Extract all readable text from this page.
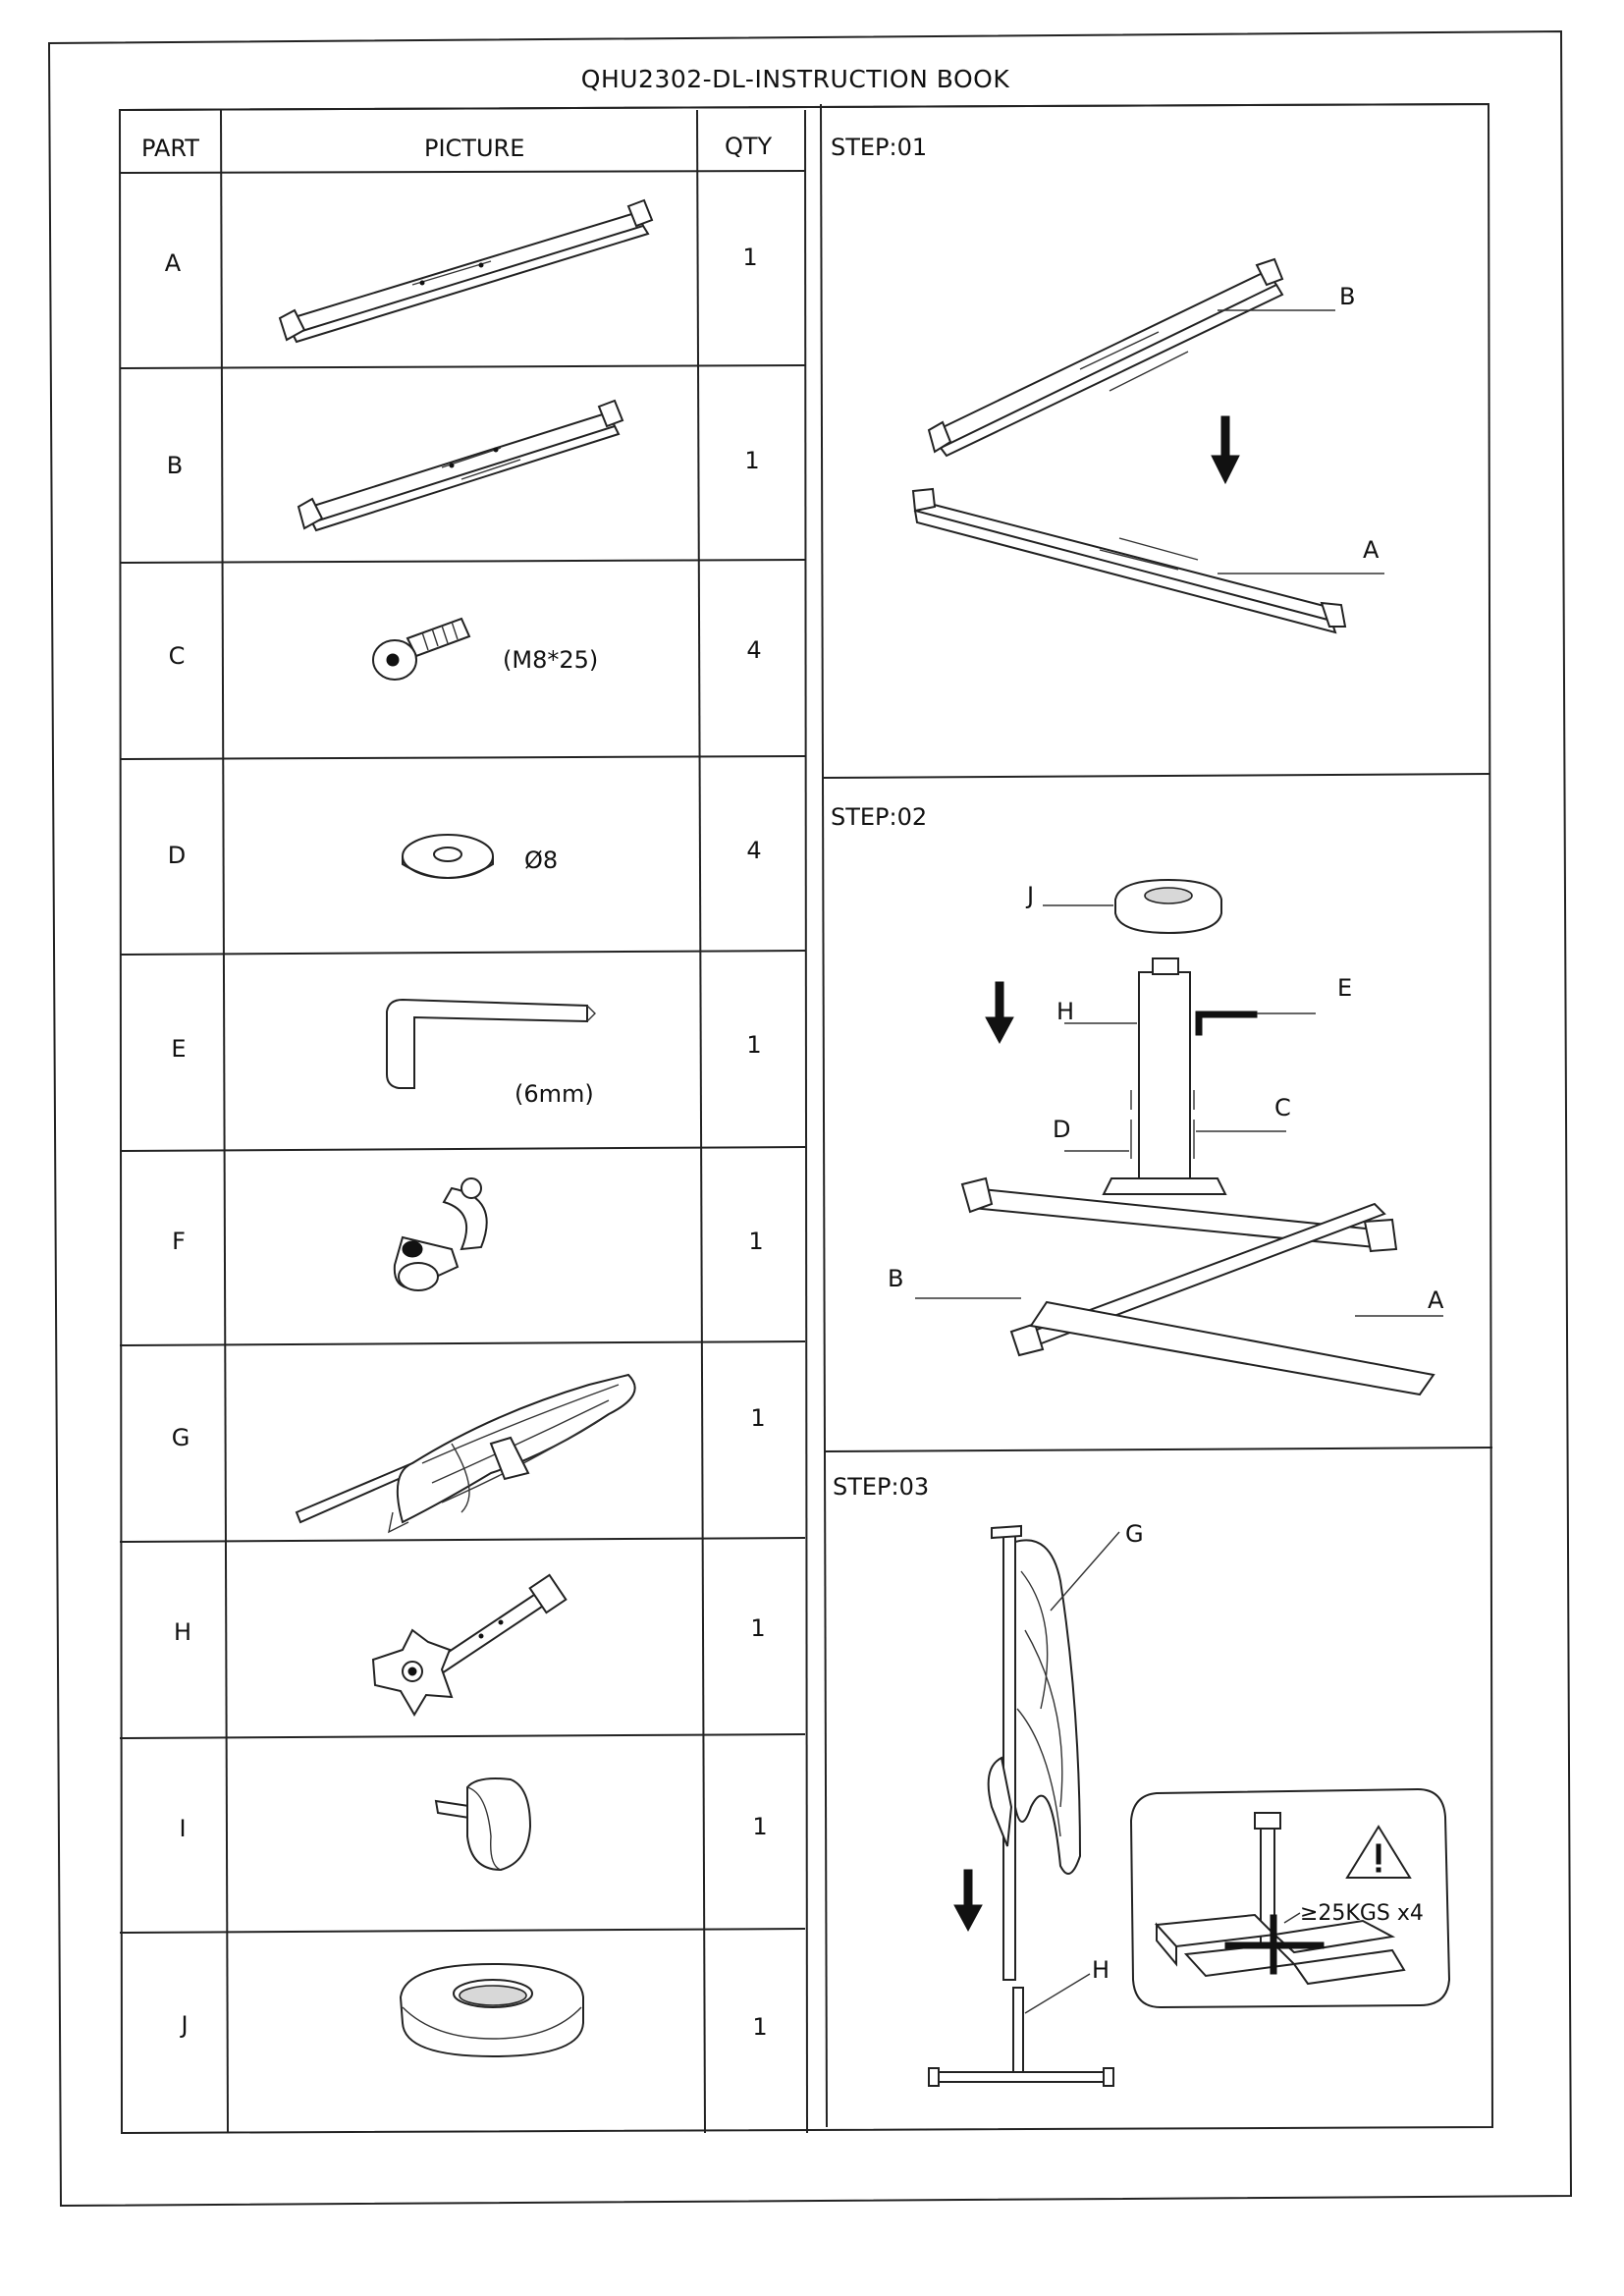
QHU2302-DL-INSTRUCTION BOOK
PART	PICTURE	QTY
A
B
C
D
E
F
G
H
I
J
1
1
4
4
1
1
1
1
1
1
(M8*25)
Ø8
(6mm)
STEP:01
B
A
STEP:02
J
H
E
D
C
B
A
STEP:03
G
H
≥25KGS x4
